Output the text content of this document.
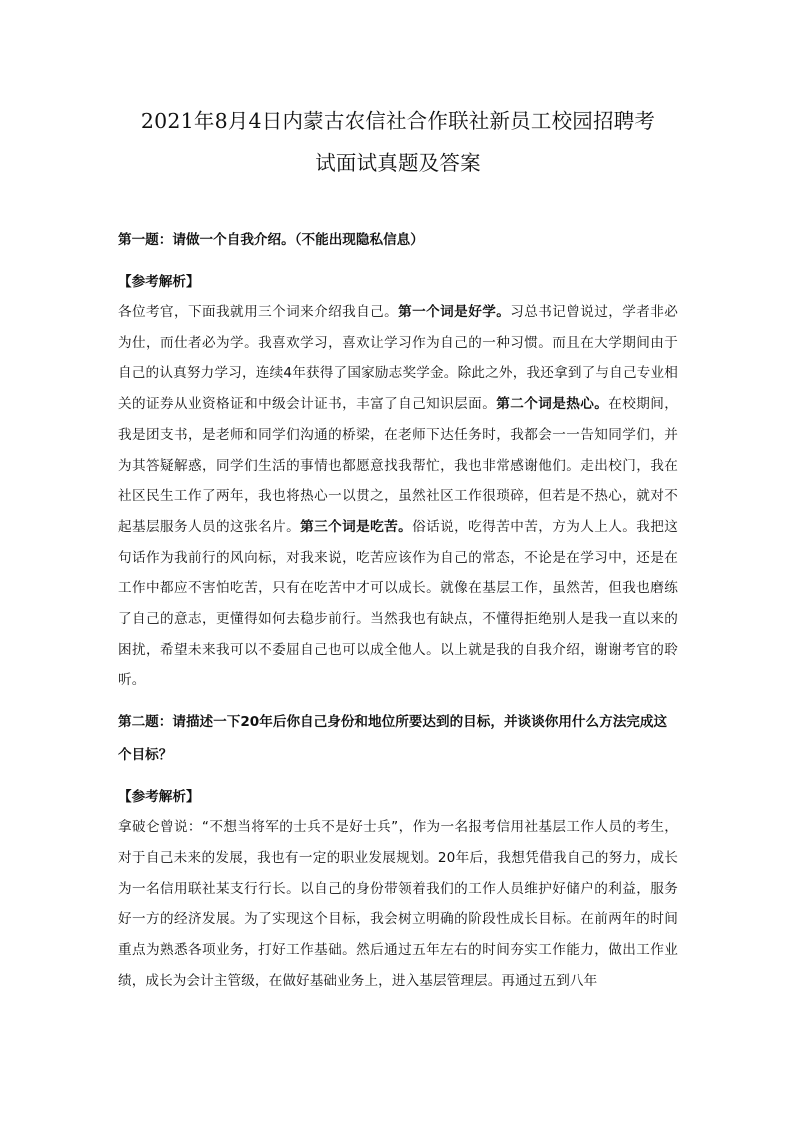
2021年8月4日内蒙古农信社合作联社新员工校园招聘考
试面试真题及答案

第一题：请做一个自我介绍。（不能出现隐私信息）

【参考解析】

各位考官，下面我就用三个词来介绍我自己。第一个词是好学。习总书记曾说过，学者非必为仕，而仕者必为学。我喜欢学习，喜欢让学习作为自己的一种习惯。而且在大学期间由于自己的认真努力学习，连续4年获得了国家励志奖学金。除此之外，我还拿到了与自己专业相关的证券从业资格证和中级会计证书，丰富了自己知识层面。第二个词是热心。在校期间，我是团支书，是老师和同学们沟通的桥梁，在老师下达任务时，我都会一一告知同学们，并为其答疑解惑，同学们生活的事情也都愿意找我帮忙，我也非常感谢他们。走出校门，我在社区民生工作了两年，我也将热心一以贯之，虽然社区工作很琐碎，但若是不热心，就对不起基层服务人员的这张名片。第三个词是吃苦。俗话说，吃得苦中苦，方为人上人。我把这句话作为我前行的风向标，对我来说，吃苦应该作为自己的常态，不论是在学习中，还是在工作中都应不害怕吃苦，只有在吃苦中才可以成长。就像在基层工作，虽然苦，但我也磨练了自己的意志，更懂得如何去稳步前行。当然我也有缺点，不懂得拒绝别人是我一直以来的困扰，希望未来我可以不委屈自己也可以成全他人。以上就是我的自我介绍，谢谢考官的聆听。

第二题：请描述一下20年后你自己身份和地位所要达到的目标，并谈谈你用什么方法完成这个目标？

【参考解析】

拿破仑曾说：“不想当将军的士兵不是好士兵”，作为一名报考信用社基层工作人员的考生，对于自己未来的发展，我也有一定的职业发展规划。20年后，我想凭借我自己的努力，成长为一名信用联社某支行行长。以自己的身份带领着我们的工作人员维护好储户的利益，服务好一方的经济发展。为了实现这个目标，我会树立明确的阶段性成长目标。在前两年的时间重点为熟悉各项业务，打好工作基础。然后通过五年左右的时间夯实工作能力，做出工作业绩，成长为会计主管级，在做好基础业务上，进入基层管理层。再通过五到八年
